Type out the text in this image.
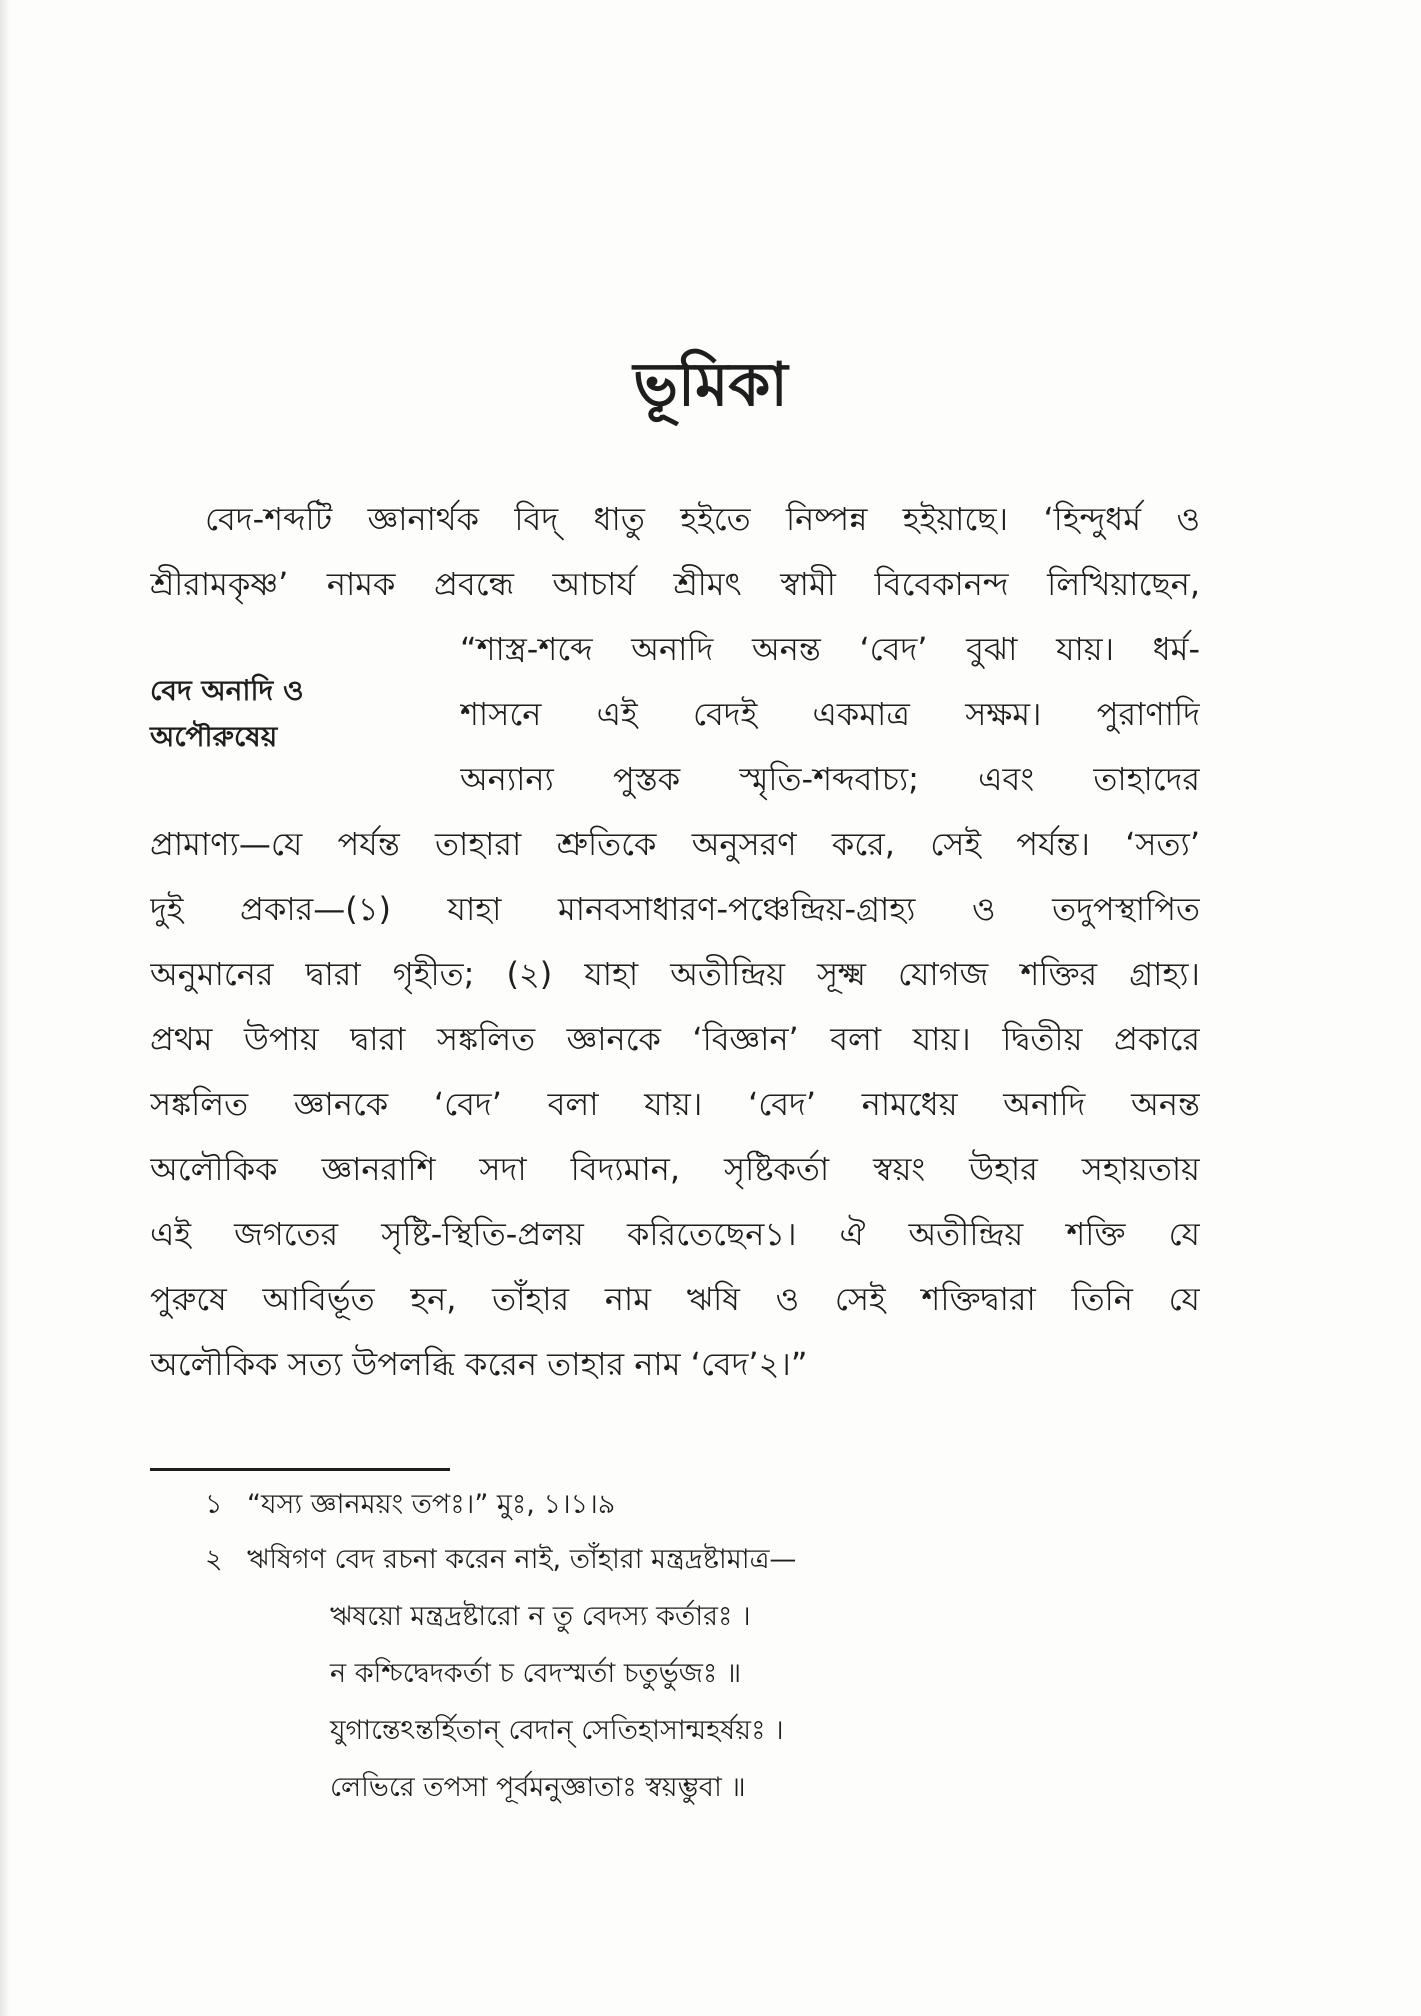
ভূমিকা
বেদ-শব্দটি জ্ঞানার্থক বিদ্ ধাতু হইতে নিষ্পন্ন হইয়াছে। ‘হিন্দুধর্ম ও
শ্রীরামকৃষ্ণ’ নামক প্রবন্ধে আচার্য শ্রীমৎ স্বামী বিবেকানন্দ লিখিয়াছেন,
“শাস্ত্র-শব্দে অনাদি অনন্ত ‘বেদ’ বুঝা যায়। ধর্ম-
শাসনে এই বেদই একমাত্র সক্ষম। পুরাণাদি
অন্যান্য পুস্তক স্মৃতি-শব্দবাচ্য; এবং তাহাদের
প্রামাণ্য—যে পর্যন্ত তাহারা শ্রুতিকে অনুসরণ করে, সেই পর্যন্ত। ‘সত্য’
দুই প্রকার—(১) যাহা মানবসাধারণ-পঞ্চেন্দ্রিয়-গ্রাহ্য ও তদুপস্থাপিত
অনুমানের দ্বারা গৃহীত; (২) যাহা অতীন্দ্রিয় সূক্ষ্ম যোগজ শক্তির গ্রাহ্য।
প্রথম উপায় দ্বারা সঙ্কলিত জ্ঞানকে ‘বিজ্ঞান’ বলা যায়। দ্বিতীয় প্রকারে
সঙ্কলিত জ্ঞানকে ‘বেদ’ বলা যায়। ‘বেদ’ নামধেয় অনাদি অনন্ত
অলৌকিক জ্ঞানরাশি সদা বিদ্যমান, সৃষ্টিকর্তা স্বয়ং উহার সহায়তায়
এই জগতের সৃষ্টি-স্থিতি-প্রলয় করিতেছেন১। ঐ অতীন্দ্রিয় শক্তি যে
পুরুষে আবির্ভূত হন, তাঁহার নাম ঋষি ও সেই শক্তিদ্বারা তিনি যে
অলৌকিক সত্য উপলব্ধি করেন তাহার নাম ‘বেদ’২।”
বেদ অনাদি ও
অপৌরুষেয়
১ “যস্য জ্ঞানময়ং তপঃ।” মুঃ, ১।১।৯
২ ঋষিগণ বেদ রচনা করেন নাই, তাঁহারা মন্ত্রদ্রষ্টামাত্র—
ঋষয়ো মন্ত্রদ্রষ্টারো ন তু বেদস্য কর্তারঃ ।
ন কশ্চিদ্বেদকর্তা চ বেদস্মর্তা চতুর্ভুজঃ ॥
যুগান্তেঽন্তর্হিতান্ বেদান্ সেতিহাসান্মহর্ষয়ঃ ।
লেভিরে তপসা পূর্বমনুজ্ঞাতাঃ স্বয়ম্ভুবা ॥
